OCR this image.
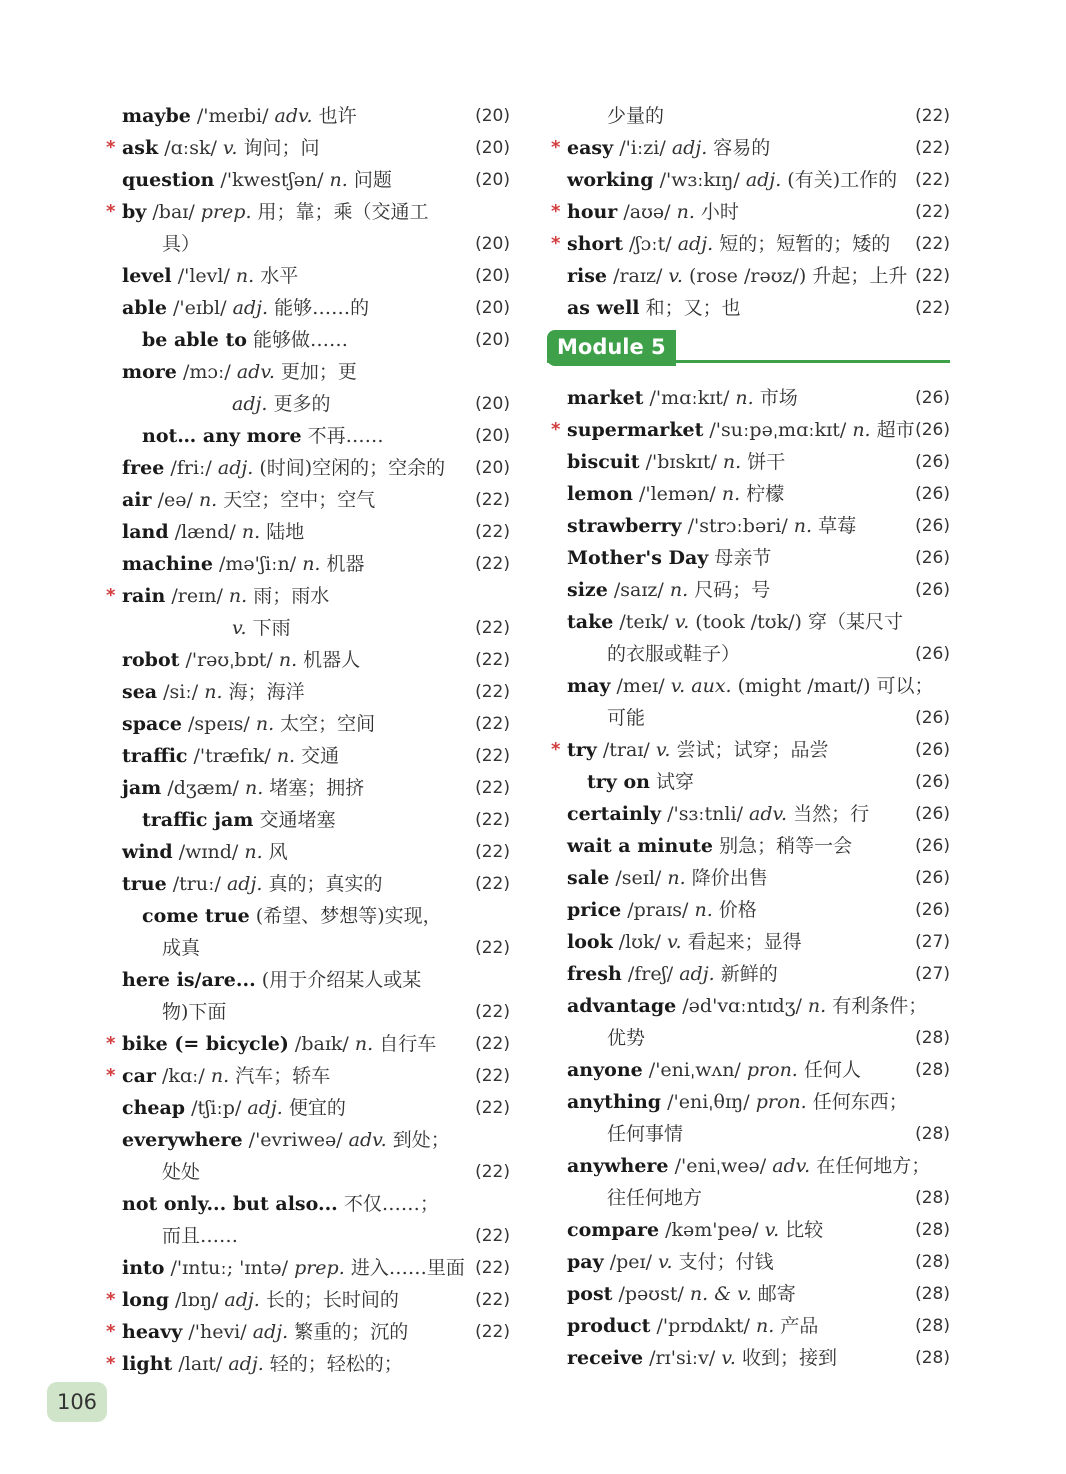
maybe /'meɪbi/ adv. 也许	(20)
* ask /ɑːsk/ v. 询问；问	(20)
question /'kwestʃən/ n. 问题	(20)
* by /baɪ/ prep. 用；靠；乘（交通工
具）	(20)
level /'levl/ n. 水平	(20)
able /'eɪbl/ adj. 能够……的	(20)
be able to 能够做……	(20)
more /mɔː/ adv. 更加；更
adj. 更多的	(20)
not… any more 不再……	(20)
free /friː/ adj. (时间)空闲的；空余的	(20)
air /eə/ n. 天空；空中；空气	(22)
land /lænd/ n. 陆地	(22)
machine /mə'ʃiːn/ n. 机器	(22)
* rain /reɪn/ n. 雨；雨水
v. 下雨	(22)
robot /'rəʊˌbɒt/ n. 机器人	(22)
sea /siː/ n. 海；海洋	(22)
space /speɪs/ n. 太空；空间	(22)
traffic /'træfɪk/ n. 交通	(22)
jam /dʒæm/ n. 堵塞；拥挤	(22)
traffic jam 交通堵塞	(22)
wind /wɪnd/ n. 风	(22)
true /truː/ adj. 真的；真实的	(22)
come true (希望、梦想等)实现，
成真	(22)
here is/are... (用于介绍某人或某
物)下面	(22)
* bike (= bicycle) /baɪk/ n. 自行车	(22)
* car /kɑː/ n. 汽车；轿车	(22)
cheap /tʃiːp/ adj. 便宜的	(22)
everywhere /'evriweə/ adv. 到处；
处处	(22)
not only... but also... 不仅……；
而且……	(22)
into /'ɪntuː; 'ɪntə/ prep. 进入……里面 (22)
* long /lɒŋ/ adj. 长的；长时间的	(22)
* heavy /'hevi/ adj. 繁重的；沉的	(22)
* light /laɪt/ adj. 轻的；轻松的；
少量的	(22)
* easy /'iːzi/ adj. 容易的	(22)
working /'wɜːkɪŋ/ adj. (有关)工作的 (22)
* hour /aʊə/ n. 小时	(22)
* short /ʃɔːt/ adj. 短的；短暂的；矮的	(22)
rise /raɪz/ v. (rose /rəʊz/) 升起；上升 (22)
as well 和；又；也	(22)
Module 5
market /'mɑːkɪt/ n. 市场	(26)
* supermarket /'suːpəˌmɑːkɪt/ n. 超市 (26)
biscuit /'bɪskɪt/ n. 饼干	(26)
lemon /'lemən/ n. 柠檬	(26)
strawberry /'strɔːbəri/ n. 草莓	(26)
Mother's Day 母亲节	(26)
size /saɪz/ n. 尺码；号	(26)
take /teɪk/ v. (took /tʊk/) 穿（某尺寸
的衣服或鞋子）	(26)
may /meɪ/ v. aux. (might /maɪt/) 可以；
可能	(26)
* try /traɪ/ v. 尝试；试穿；品尝	(26)
try on 试穿	(26)
certainly /'sɜːtnli/ adv. 当然；行	(26)
wait a minute 别急；稍等一会	(26)
sale /seɪl/ n. 降价出售	(26)
price /praɪs/ n. 价格	(26)
look /lʊk/ v. 看起来；显得	(27)
fresh /freʃ/ adj. 新鲜的	(27)
advantage /əd'vɑːntɪdʒ/ n. 有利条件；
优势	(28)
anyone /'eniˌwʌn/ pron. 任何人	(28)
anything /'eniˌθɪŋ/ pron. 任何东西；
任何事情	(28)
anywhere /'eniˌweə/ adv. 在任何地方；
往任何地方	(28)
compare /kəm'peə/ v. 比较	(28)
pay /peɪ/ v. 支付；付钱	(28)
post /pəʊst/ n. & v. 邮寄	(28)
product /'prɒdʌkt/ n. 产品	(28)
receive /rɪ'siːv/ v. 收到；接到	(28)
106
